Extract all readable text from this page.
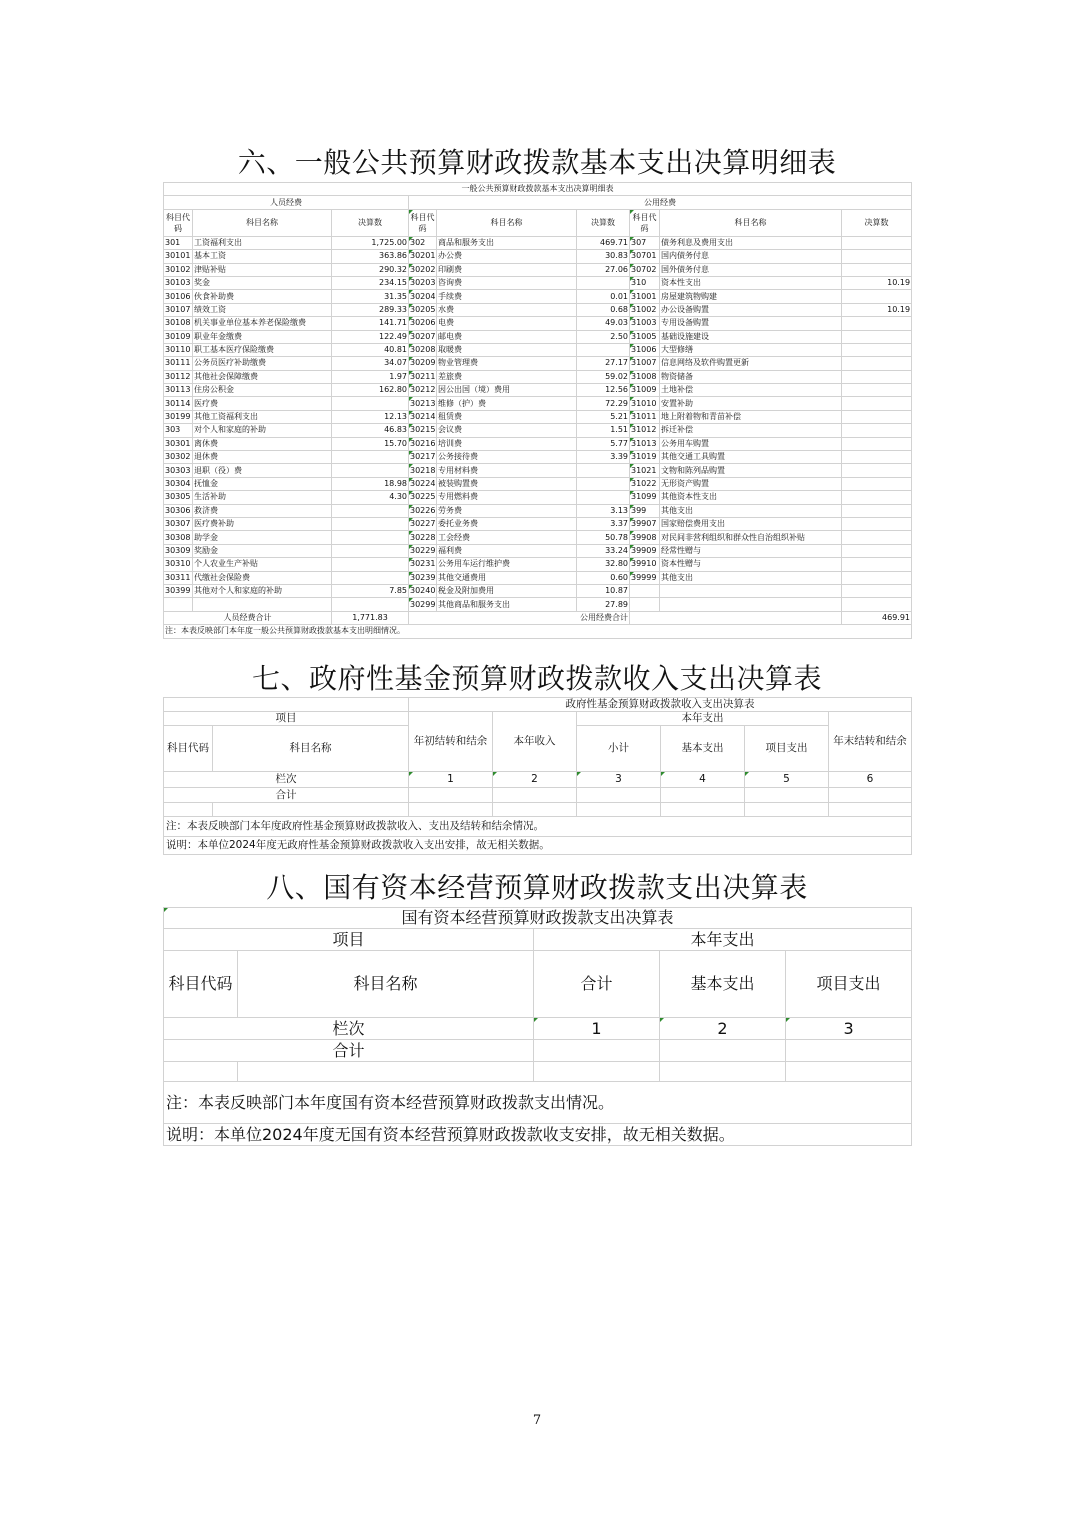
六、一般公共预算财政拨款基本支出决算明细表
一般公共预算财政拨款基本支出决算明细表								
人员经费			公用经费					
科目代码	科目名称	决算数	科目代码	科目名称	决算数	科目代码	科目名称	决算数
301	工资福利支出	1,725.00	302	商品和服务支出	469.71	307	债务利息及费用支出	
30101	基本工资	363.86	30201	办公费	30.83	30701	国内债务付息	
30102	津贴补贴	290.32	30202	印刷费	27.06	30702	国外债务付息	
30103	奖金	234.15	30203	咨询费		310	资本性支出	10.19
30106	伙食补助费	31.35	30204	手续费	0.01	31001	房屋建筑物购建	
30107	绩效工资	289.33	30205	水费	0.68	31002	办公设备购置	10.19
30108	机关事业单位基本养老保险缴费	141.71	30206	电费	49.03	31003	专用设备购置	
30109	职业年金缴费	122.49	30207	邮电费	2.50	31005	基础设施建设	
30110	职工基本医疗保险缴费	40.81	30208	取暖费		31006	大型修缮	
30111	公务员医疗补助缴费	34.07	30209	物业管理费	27.17	31007	信息网络及软件购置更新	
30112	其他社会保障缴费	1.97	30211	差旅费	59.02	31008	物资储备	
30113	住房公积金	162.80	30212	因公出国（境）费用	12.56	31009	土地补偿	
30114	医疗费		30213	维修（护）费	72.29	31010	安置补助	
30199	其他工资福利支出	12.13	30214	租赁费	5.21	31011	地上附着物和青苗补偿	
303	对个人和家庭的补助	46.83	30215	会议费	1.51	31012	拆迁补偿	
30301	离休费	15.70	30216	培训费	5.77	31013	公务用车购置	
30302	退休费		30217	公务接待费	3.39	31019	其他交通工具购置	
30303	退职（役）费		30218	专用材料费		31021	文物和陈列品购置	
30304	抚恤金	18.98	30224	被装购置费		31022	无形资产购置	
30305	生活补助	4.30	30225	专用燃料费		31099	其他资本性支出	
30306	救济费		30226	劳务费	3.13	399	其他支出	
30307	医疗费补助		30227	委托业务费	3.37	39907	国家赔偿费用支出	
30308	助学金		30228	工会经费	50.78	39908	对民间非营利组织和群众性自治组织补贴	
30309	奖励金		30229	福利费	33.24	39909	经常性赠与	
30310	个人农业生产补贴		30231	公务用车运行维护费	32.80	39910	资本性赠与	
30311	代缴社会保险费		30239	其他交通费用	0.60	39999	其他支出	
30399	其他对个人和家庭的补助	7.85	30240	税金及附加费用	10.87			
			30299	其他商品和服务支出	27.89			
人员经费合计		1,771.83	公用经费合计					469.91
注：本表反映部门本年度一般公共预算财政拨款基本支出明细情况。								
七、政府性基金预算财政拨款收入支出决算表
		政府性基金预算财政拨款收入支出决算表					
项目		年初结转和结余	本年收入	本年支出			年末结转和结余
科目代码	科目名称			小计	基本支出	项目支出	
栏次		1	2	3	4	5	6
合计							

注：本表反映部门本年度政府性基金预算财政拨款收入、支出及结转和结余情况。							
说明：本单位2024年度无政府性基金预算财政拨款收入支出安排，故无相关数据。							
八、国有资本经营预算财政拨款支出决算表
国有资本经营预算财政拨款支出决算表				
项目		本年支出		
科目代码	科目名称	合计	基本支出	项目支出
栏次		1	2	3
合计				

注：本表反映部门本年度国有资本经营预算财政拨款支出情况。				
说明：本单位2024年度无国有资本经营预算财政拨款收支安排，故无相关数据。				
7
